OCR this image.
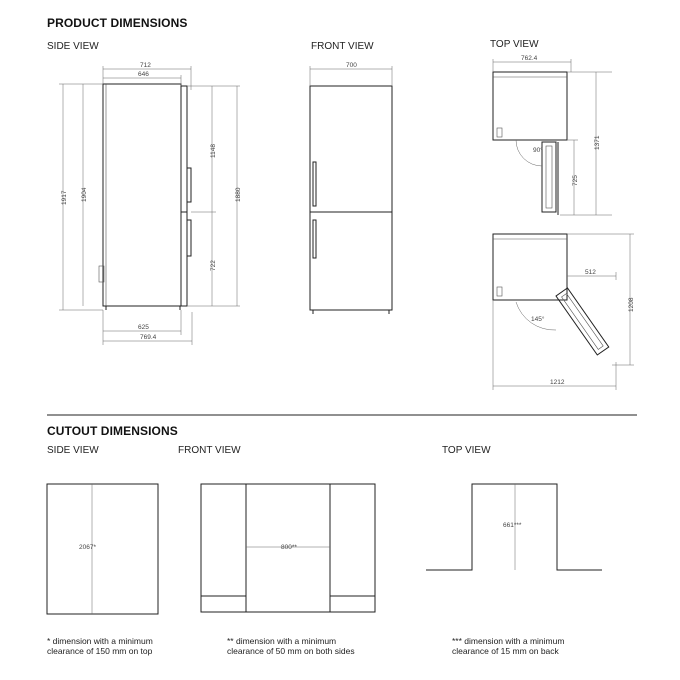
PRODUCT DIMENSIONS
SIDE VIEW	FRONT VIEW	TOP VIEW
CUTOUT DIMENSIONS
SIDE VIEW	FRONT VIEW	TOP VIEW
* dimension with a minimum clearance of 150 mm on top
** dimension with a minimum clearance of 50 mm on both sides
*** dimension with a minimum clearance of 15 mm on back
712
646
1917 1904
1148
722
1880
625
769.4
700
90°
762.4
1371
725
145°
512
1208
1212
2067*	800**
661***
